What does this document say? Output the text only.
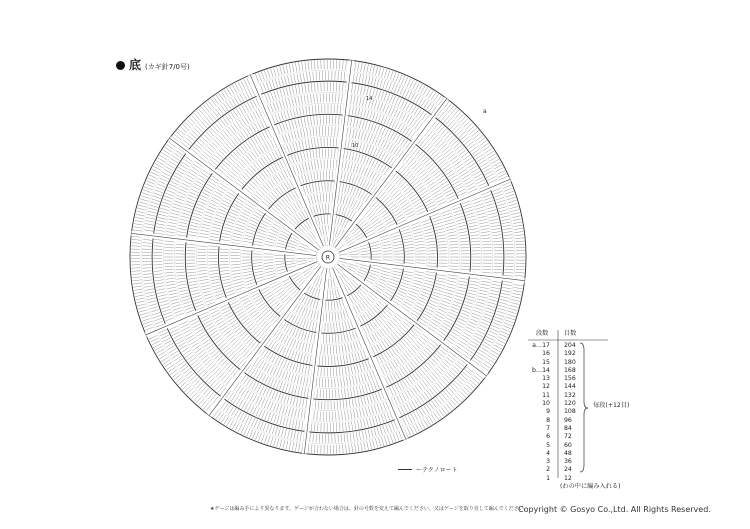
R
a
14
10
底 (カギ針7/0号)
ーテクノロート
段数	目数
a…17
16
15
b…14
13
12
11
10
9
8
7
6
5
4
3
2
1
204
192
180
168
156
144
132
120
108
96
84
72
60
48
36
24
12
(わの中に編み入れる)
毎段(+12目)
★ゲージは編み手により異なります。ゲージが合わない場合は、針の号数を変えて編んでください。又はゲージを取り直して編んでください。
Copyright © Gosyo Co.,Ltd. All Rights Reserved.
